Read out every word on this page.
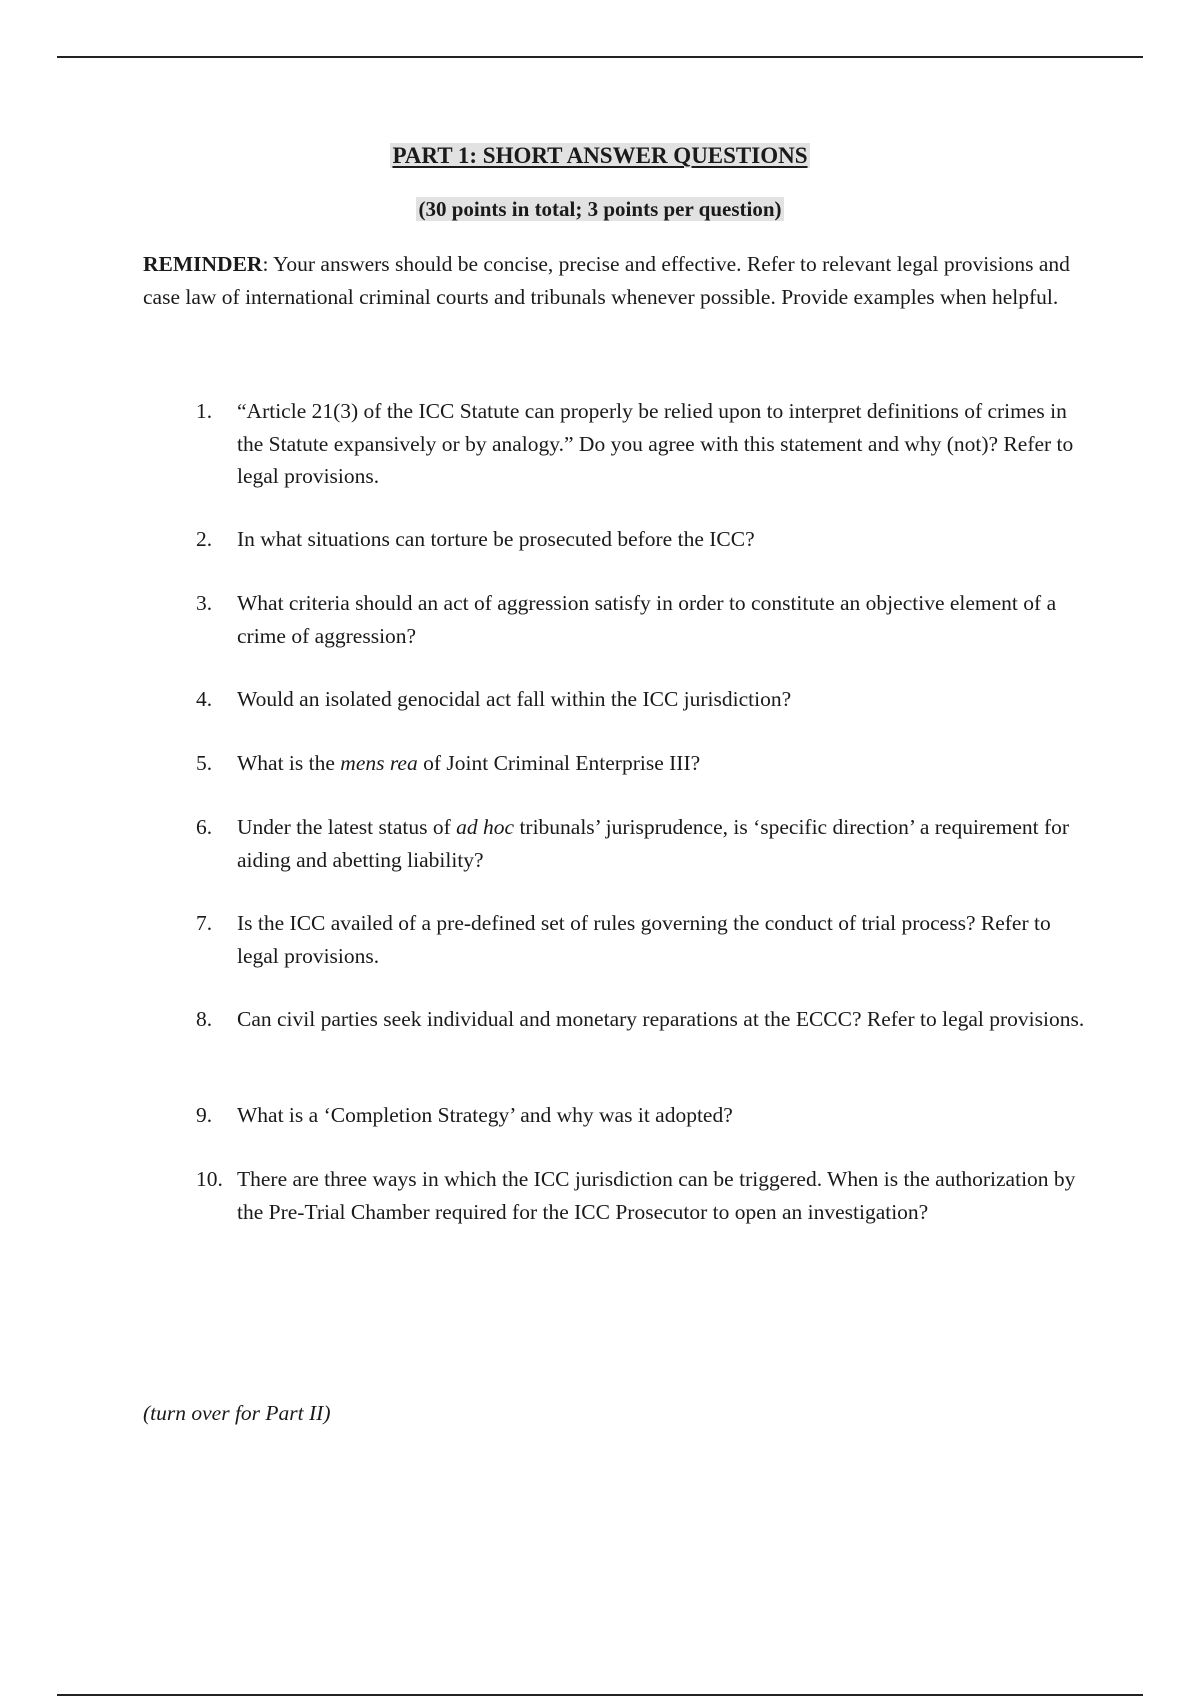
PART 1: SHORT ANSWER QUESTIONS
(30 points in total; 3 points per question)
REMINDER: Your answers should be concise, precise and effective. Refer to relevant legal provisions and case law of international criminal courts and tribunals whenever possible. Provide examples when helpful.
1.	“Article 21(3) of the ICC Statute can properly be relied upon to interpret definitions of crimes in the Statute expansively or by analogy.” Do you agree with this statement and why (not)? Refer to legal provisions.
2.	In what situations can torture be prosecuted before the ICC?
3.	What criteria should an act of aggression satisfy in order to constitute an objective element of a crime of aggression?
4.	Would an isolated genocidal act fall within the ICC jurisdiction?
5.	What is the mens rea of Joint Criminal Enterprise III?
6.	Under the latest status of ad hoc tribunals’ jurisprudence, is ‘specific direction’ a requirement for aiding and abetting liability?
7.	Is the ICC availed of a pre-defined set of rules governing the conduct of trial process? Refer to legal provisions.
8.	Can civil parties seek individual and monetary reparations at the ECCC? Refer to legal provisions.
9.	What is a ‘Completion Strategy’ and why was it adopted?
10. There are three ways in which the ICC jurisdiction can be triggered. When is the authorization by the Pre-Trial Chamber required for the ICC Prosecutor to open an investigation?
(turn over for Part II)
